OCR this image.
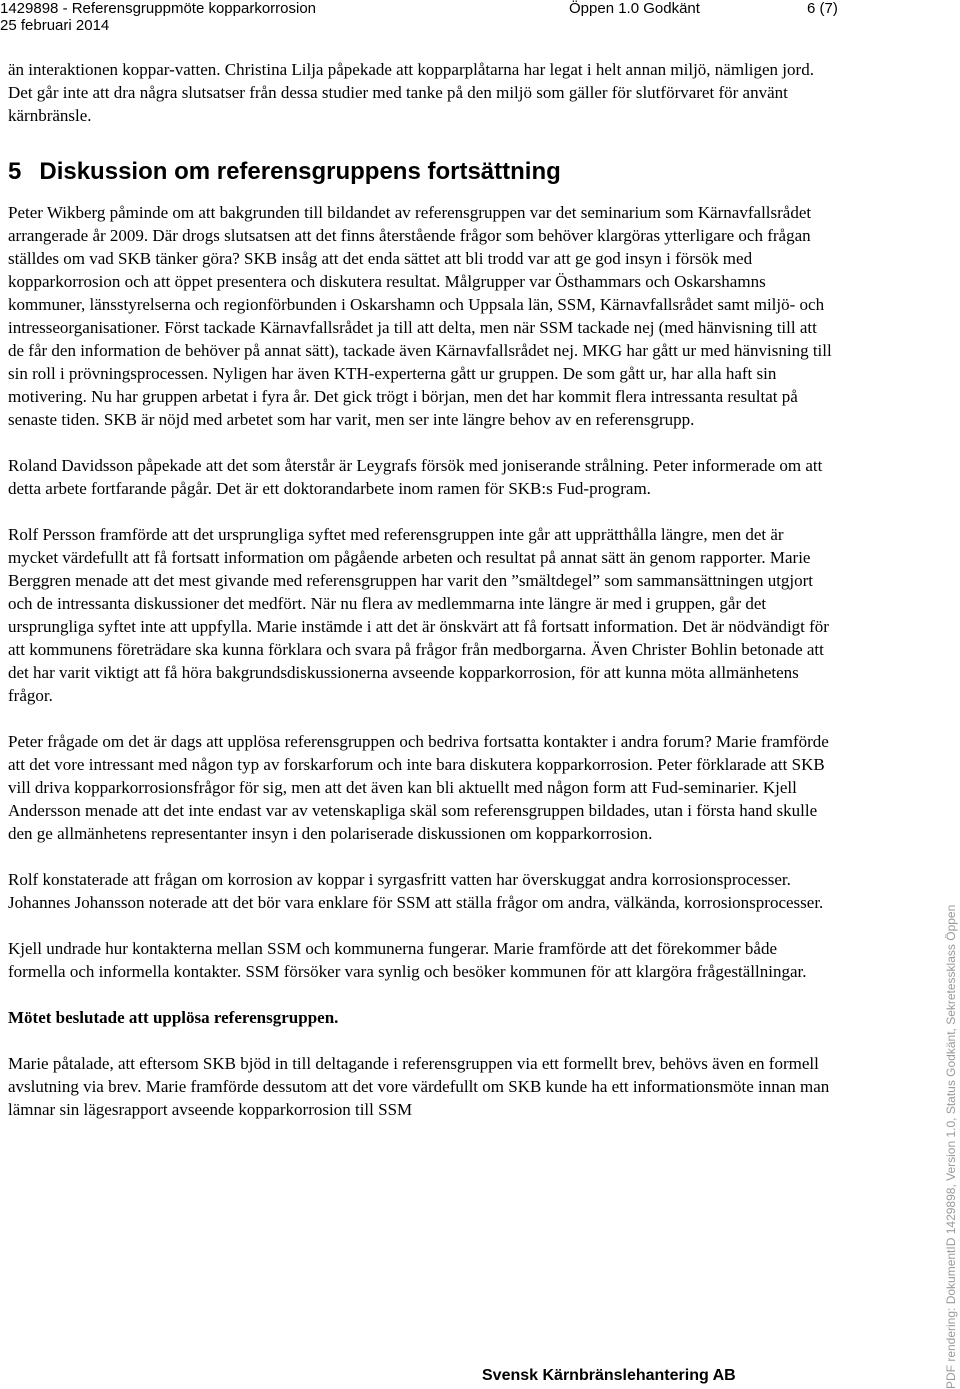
1429898 - Referensgruppmöte kopparkorrosion	Öppen 1.0 Godkänt	6 (7)
25 februari 2014

än interaktionen koppar-vatten. Christina Lilja påpekade att kopparplåtarna har legat i helt annan miljö, nämligen jord. Det går inte att dra några slutsatser från dessa studier med tanke på den miljö som gäller för slutförvaret för använt kärnbränsle.

5 Diskussion om referensgruppens fortsättning

Peter Wikberg påminde om att bakgrunden till bildandet av referensgruppen var det seminarium som Kärnavfallsrådet arrangerade år 2009. Där drogs slutsatsen att det finns återstående frågor som behöver klargöras ytterligare och frågan ställdes om vad SKB tänker göra? SKB insåg att det enda sättet att bli trodd var att ge god insyn i försök med kopparkorrosion och att öppet presentera och diskutera resultat. Målgrupper var Östhammars och Oskarshamns kommuner, länsstyrelserna och regionförbunden i Oskarshamn och Uppsala län, SSM, Kärnavfallsrådet samt miljö- och intresseorganisationer. Först tackade Kärnavfallsrådet ja till att delta, men när SSM tackade nej (med hänvisning till att de får den information de behöver på annat sätt), tackade även Kärnavfallsrådet nej. MKG har gått ur med hänvisning till sin roll i prövningsprocessen. Nyligen har även KTH-experterna gått ur gruppen. De som gått ur, har alla haft sin motivering. Nu har gruppen arbetat i fyra år. Det gick trögt i början, men det har kommit flera intressanta resultat på senaste tiden. SKB är nöjd med arbetet som har varit, men ser inte längre behov av en referensgrupp.

Roland Davidsson påpekade att det som återstår är Leygrafs försök med joniserande strålning. Peter informerade om att detta arbete fortfarande pågår. Det är ett doktorandarbete inom ramen för SKB:s Fud-program.

Rolf Persson framförde att det ursprungliga syftet med referensgruppen inte går att upprätthålla längre, men det är mycket värdefullt att få fortsatt information om pågående arbeten och resultat på annat sätt än genom rapporter. Marie Berggren menade att det mest givande med referensgruppen har varit den ”smältdegel” som sammansättningen utgjort och de intressanta diskussioner det medfört. När nu flera av medlemmarna inte längre är med i gruppen, går det ursprungliga syftet inte att uppfylla. Marie instämde i att det är önskvärt att få fortsatt information. Det är nödvändigt för att kommunens företrädare ska kunna förklara och svara på frågor från medborgarna. Även Christer Bohlin betonade att det har varit viktigt att få höra bakgrundsdiskussionerna avseende kopparkorrosion, för att kunna möta allmänhetens frågor.

Peter frågade om det är dags att upplösa referensgruppen och bedriva fortsatta kontakter i andra forum? Marie framförde att det vore intressant med någon typ av forskarforum och inte bara diskutera kopparkorrosion. Peter förklarade att SKB vill driva kopparkorrosionsfrågor för sig, men att det även kan bli aktuellt med någon form att Fud-seminarier. Kjell Andersson menade att det inte endast var av vetenskapliga skäl som referensgruppen bildades, utan i första hand skulle den ge allmänhetens representanter insyn i den polariserade diskussionen om kopparkorrosion.

Rolf konstaterade att frågan om korrosion av koppar i syrgasfritt vatten har överskuggat andra korrosionsprocesser. Johannes Johansson noterade att det bör vara enklare för SSM att ställa frågor om andra, välkända, korrosionsprocesser.

Kjell undrade hur kontakterna mellan SSM och kommunerna fungerar. Marie framförde att det förekommer både formella och informella kontakter. SSM försöker vara synlig och besöker kommunen för att klargöra frågeställningar.

Mötet beslutade att upplösa referensgruppen.

Marie påtalade, att eftersom SKB bjöd in till deltagande i referensgruppen via ett formellt brev, behövs även en formell avslutning via brev. Marie framförde dessutom att det vore värdefullt om SKB kunde ha ett informationsmöte innan man lämnar sin lägesrapport avseende kopparkorrosion till SSM

Svensk Kärnbränslehantering AB	PDF rendering: DokumentID 1429898, Version 1.0, Status Godkänt, Sekretessklass Öppen
